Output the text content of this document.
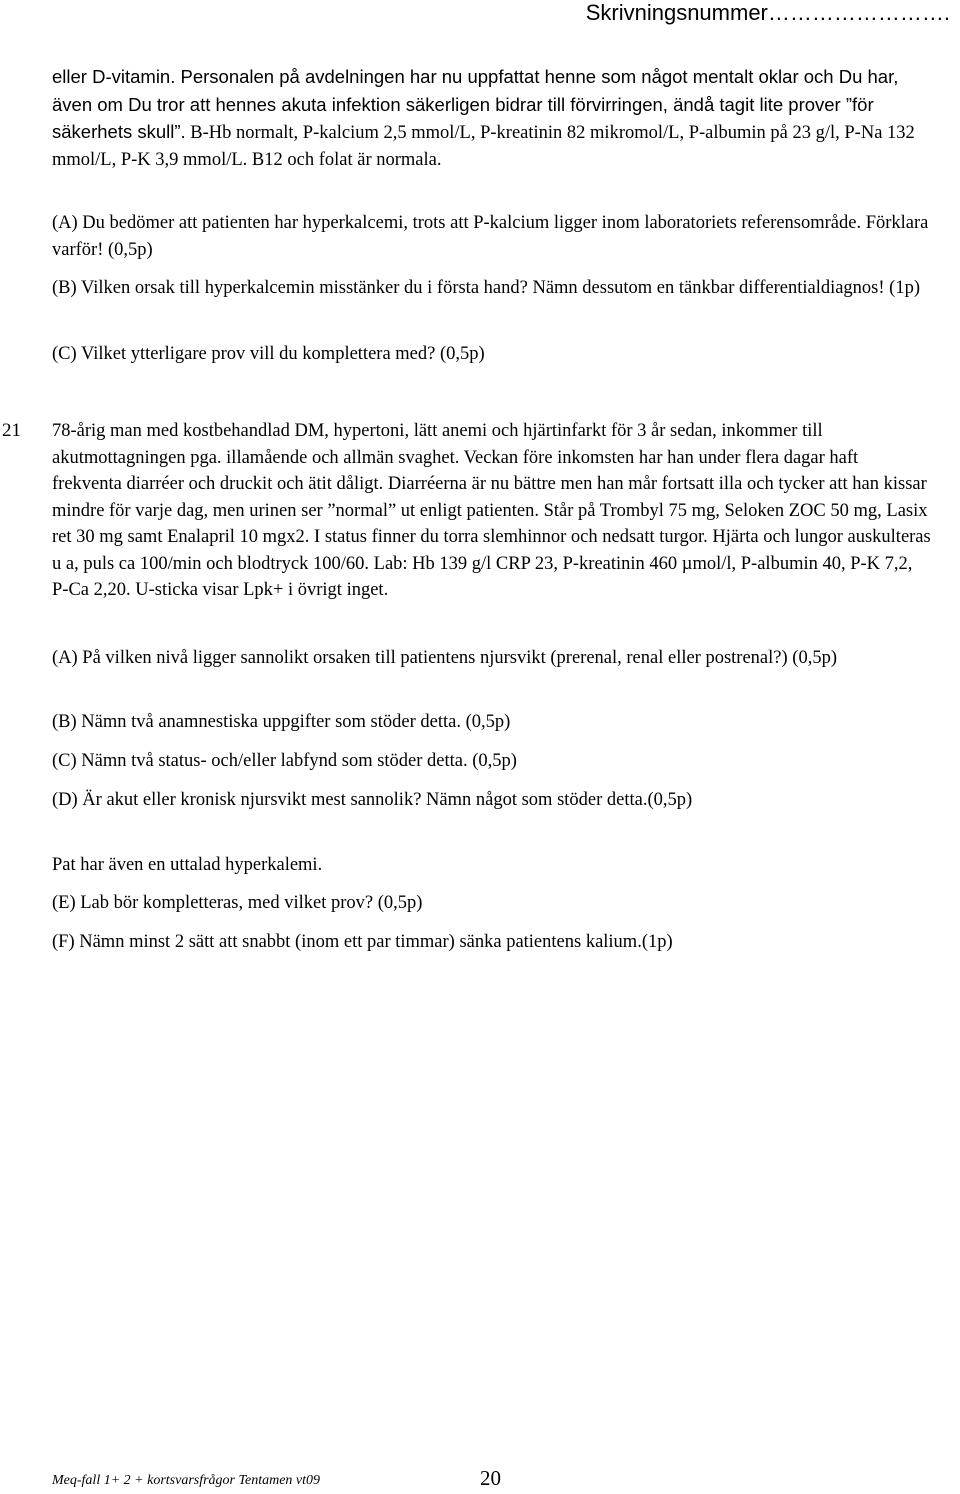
Skrivningsnummer…………………….

eller D-vitamin. Personalen på avdelningen har nu uppfattat henne som något mentalt oklar och Du har, även om Du tror att hennes akuta infektion säkerligen bidrar till förvirringen, ändå tagit lite prover ”för säkerhets skull”. B-Hb normalt, P-kalcium 2,5 mmol/L, P-kreatinin 82 mikromol/L, P-albumin på 23 g/l, P-Na 132 mmol/L, P-K 3,9 mmol/L. B12 och folat är normala.

(A) Du bedömer att patienten har hyperkalcemi, trots att P-kalcium ligger inom laboratoriets referensområde. Förklara varför! (0,5p)
(B) Vilken orsak till hyperkalcemin misstänker du i första hand? Nämn dessutom en tänkbar differentialdiagnos! (1p)
(C) Vilket ytterligare prov vill du komplettera med? (0,5p)
21 78-årig man med kostbehandlad DM, hypertoni, lätt anemi och hjärtinfarkt för 3 år sedan, inkommer till akutmottagningen pga. illamående och allmän svaghet. Veckan före inkomsten har han under flera dagar haft frekventa diarréer och druckit och ätit dåligt. Diarréerna är nu bättre men han mår fortsatt illa och tycker att han kissar mindre för varje dag, men urinen ser ”normal” ut enligt patienten. Står på Trombyl 75 mg, Seloken ZOC 50 mg, Lasix ret 30 mg samt Enalapril 10 mgx2. I status finner du torra slemhinnor och nedsatt turgor. Hjärta och lungor auskulteras u a, puls ca 100/min och blodtryck 100/60. Lab: Hb 139 g/l CRP 23, P-kreatinin 460 µmol/l, P-albumin 40, P-K 7,2, P-Ca 2,20. U-sticka visar Lpk+ i övrigt inget.
(A) På vilken nivå ligger sannolikt orsaken till patientens njursvikt (prerenal, renal eller postrenal?) (0,5p)
(B) Nämn två anamnestiska uppgifter som stöder detta. (0,5p)
(C) Nämn två status- och/eller labfynd som stöder detta. (0,5p)
(D) Är akut eller kronisk njursvikt mest sannolik? Nämn något som stöder detta.(0,5p)
Pat har även en uttalad hyperkalemi.
(E) Lab bör kompletteras, med vilket prov? (0,5p)
(F) Nämn minst 2 sätt att snabbt (inom ett par timmar) sänka patientens kalium.(1p)
Meq-fall 1+ 2 + kortsvarsfrågor Tentamen vt09	20
